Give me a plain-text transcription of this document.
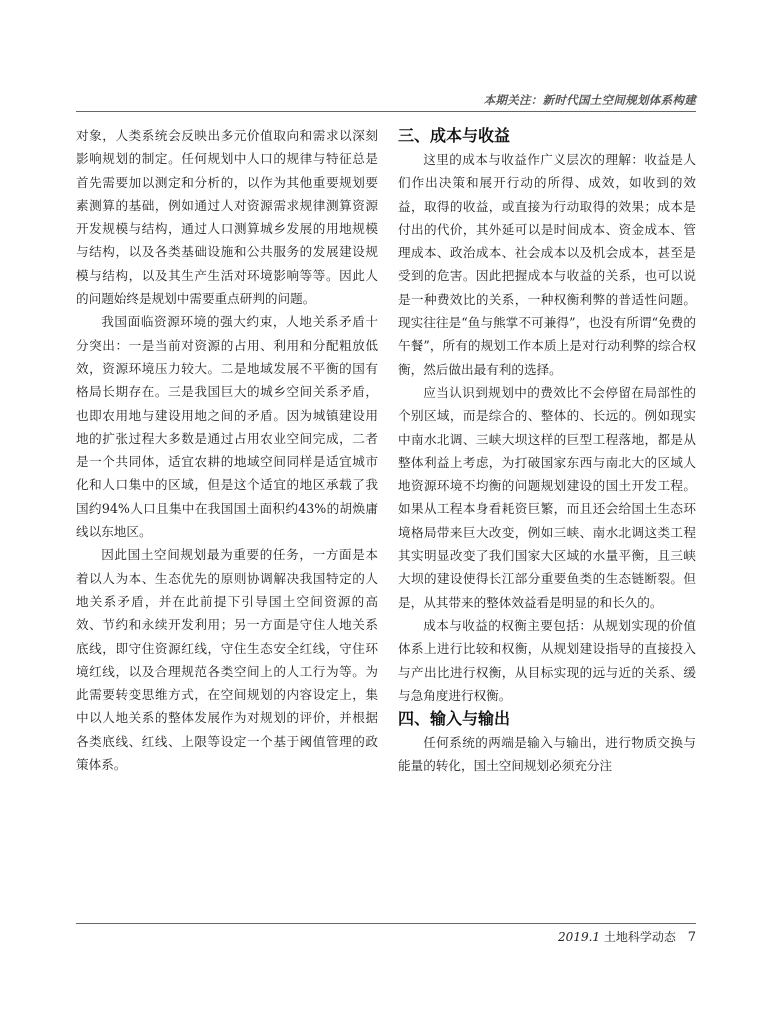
本期关注：新时代国土空间规划体系构建

对象，人类系统会反映出多元价值取向和需求以深刻影响规划的制定。任何规划中人口的规律与特征总是首先需要加以测定和分析的，以作为其他重要规划要素测算的基础，例如通过人对资源需求规律测算资源开发规模与结构，通过人口测算城乡发展的用地规模与结构，以及各类基础设施和公共服务的发展建设规模与结构，以及其生产生活对环境影响等等。因此人的问题始终是规划中需要重点研判的问题。

我国面临资源环境的强大约束，人地关系矛盾十分突出：一是当前对资源的占用、利用和分配粗放低效，资源环境压力较大。二是地域发展不平衡的国有格局长期存在。三是我国巨大的城乡空间关系矛盾，也即农用地与建设用地之间的矛盾。因为城镇建设用地的扩张过程大多数是通过占用农业空间完成，二者是一个共同体，适宜农耕的地域空间同样是适宜城市化和人口集中的区域，但是这个适宜的地区承载了我国约94%人口且集中在我国国土面积约43%的胡焕庸线以东地区。

因此国土空间规划最为重要的任务，一方面是本着以人为本、生态优先的原则协调解决我国特定的人地关系矛盾，并在此前提下引导国土空间资源的高效、节约和永续开发利用；另一方面是守住人地关系底线，即守住资源红线，守住生态安全红线，守住环境红线，以及合理规范各类空间上的人工行为等。为此需要转变思维方式，在空间规划的内容设定上，集中以人地关系的整体发展作为对规划的评价，并根据各类底线、红线、上限等设定一个基于阈值管理的政策体系。

三、成本与收益

这里的成本与收益作广义层次的理解：收益是人们作出决策和展开行动的所得、成效，如收到的效益，取得的收益，或直接为行动取得的效果；成本是付出的代价，其外延可以是时间成本、资金成本、管理成本、政治成本、社会成本以及机会成本，甚至是受到的危害。因此把握成本与收益的关系，也可以说是一种费效比的关系，一种权衡利弊的普适性问题。现实往往是“鱼与熊掌不可兼得”，也没有所谓“免费的午餐”，所有的规划工作本质上是对行动利弊的综合权衡，然后做出最有利的选择。

应当认识到规划中的费效比不会停留在局部性的个别区域，而是综合的、整体的、长远的。例如现实中南水北调、三峡大坝这样的巨型工程落地，都是从整体利益上考虑，为打破国家东西与南北大的区域人地资源环境不均衡的问题规划建设的国土开发工程。如果从工程本身看耗资巨繁，而且还会给国土生态环境格局带来巨大改变，例如三峡、南水北调这类工程其实明显改变了我们国家大区域的水量平衡，且三峡大坝的建设使得长江部分重要鱼类的生态链断裂。但是，从其带来的整体效益看是明显的和长久的。

成本与收益的权衡主要包括：从规划实现的价值体系上进行比较和权衡，从规划建设指导的直接投入与产出比进行权衡，从目标实现的远与近的关系、缓与急角度进行权衡。

四、输入与输出

任何系统的两端是输入与输出，进行物质交换与能量的转化，国土空间规划必须充分注

2019.1 土地科学动态 7
